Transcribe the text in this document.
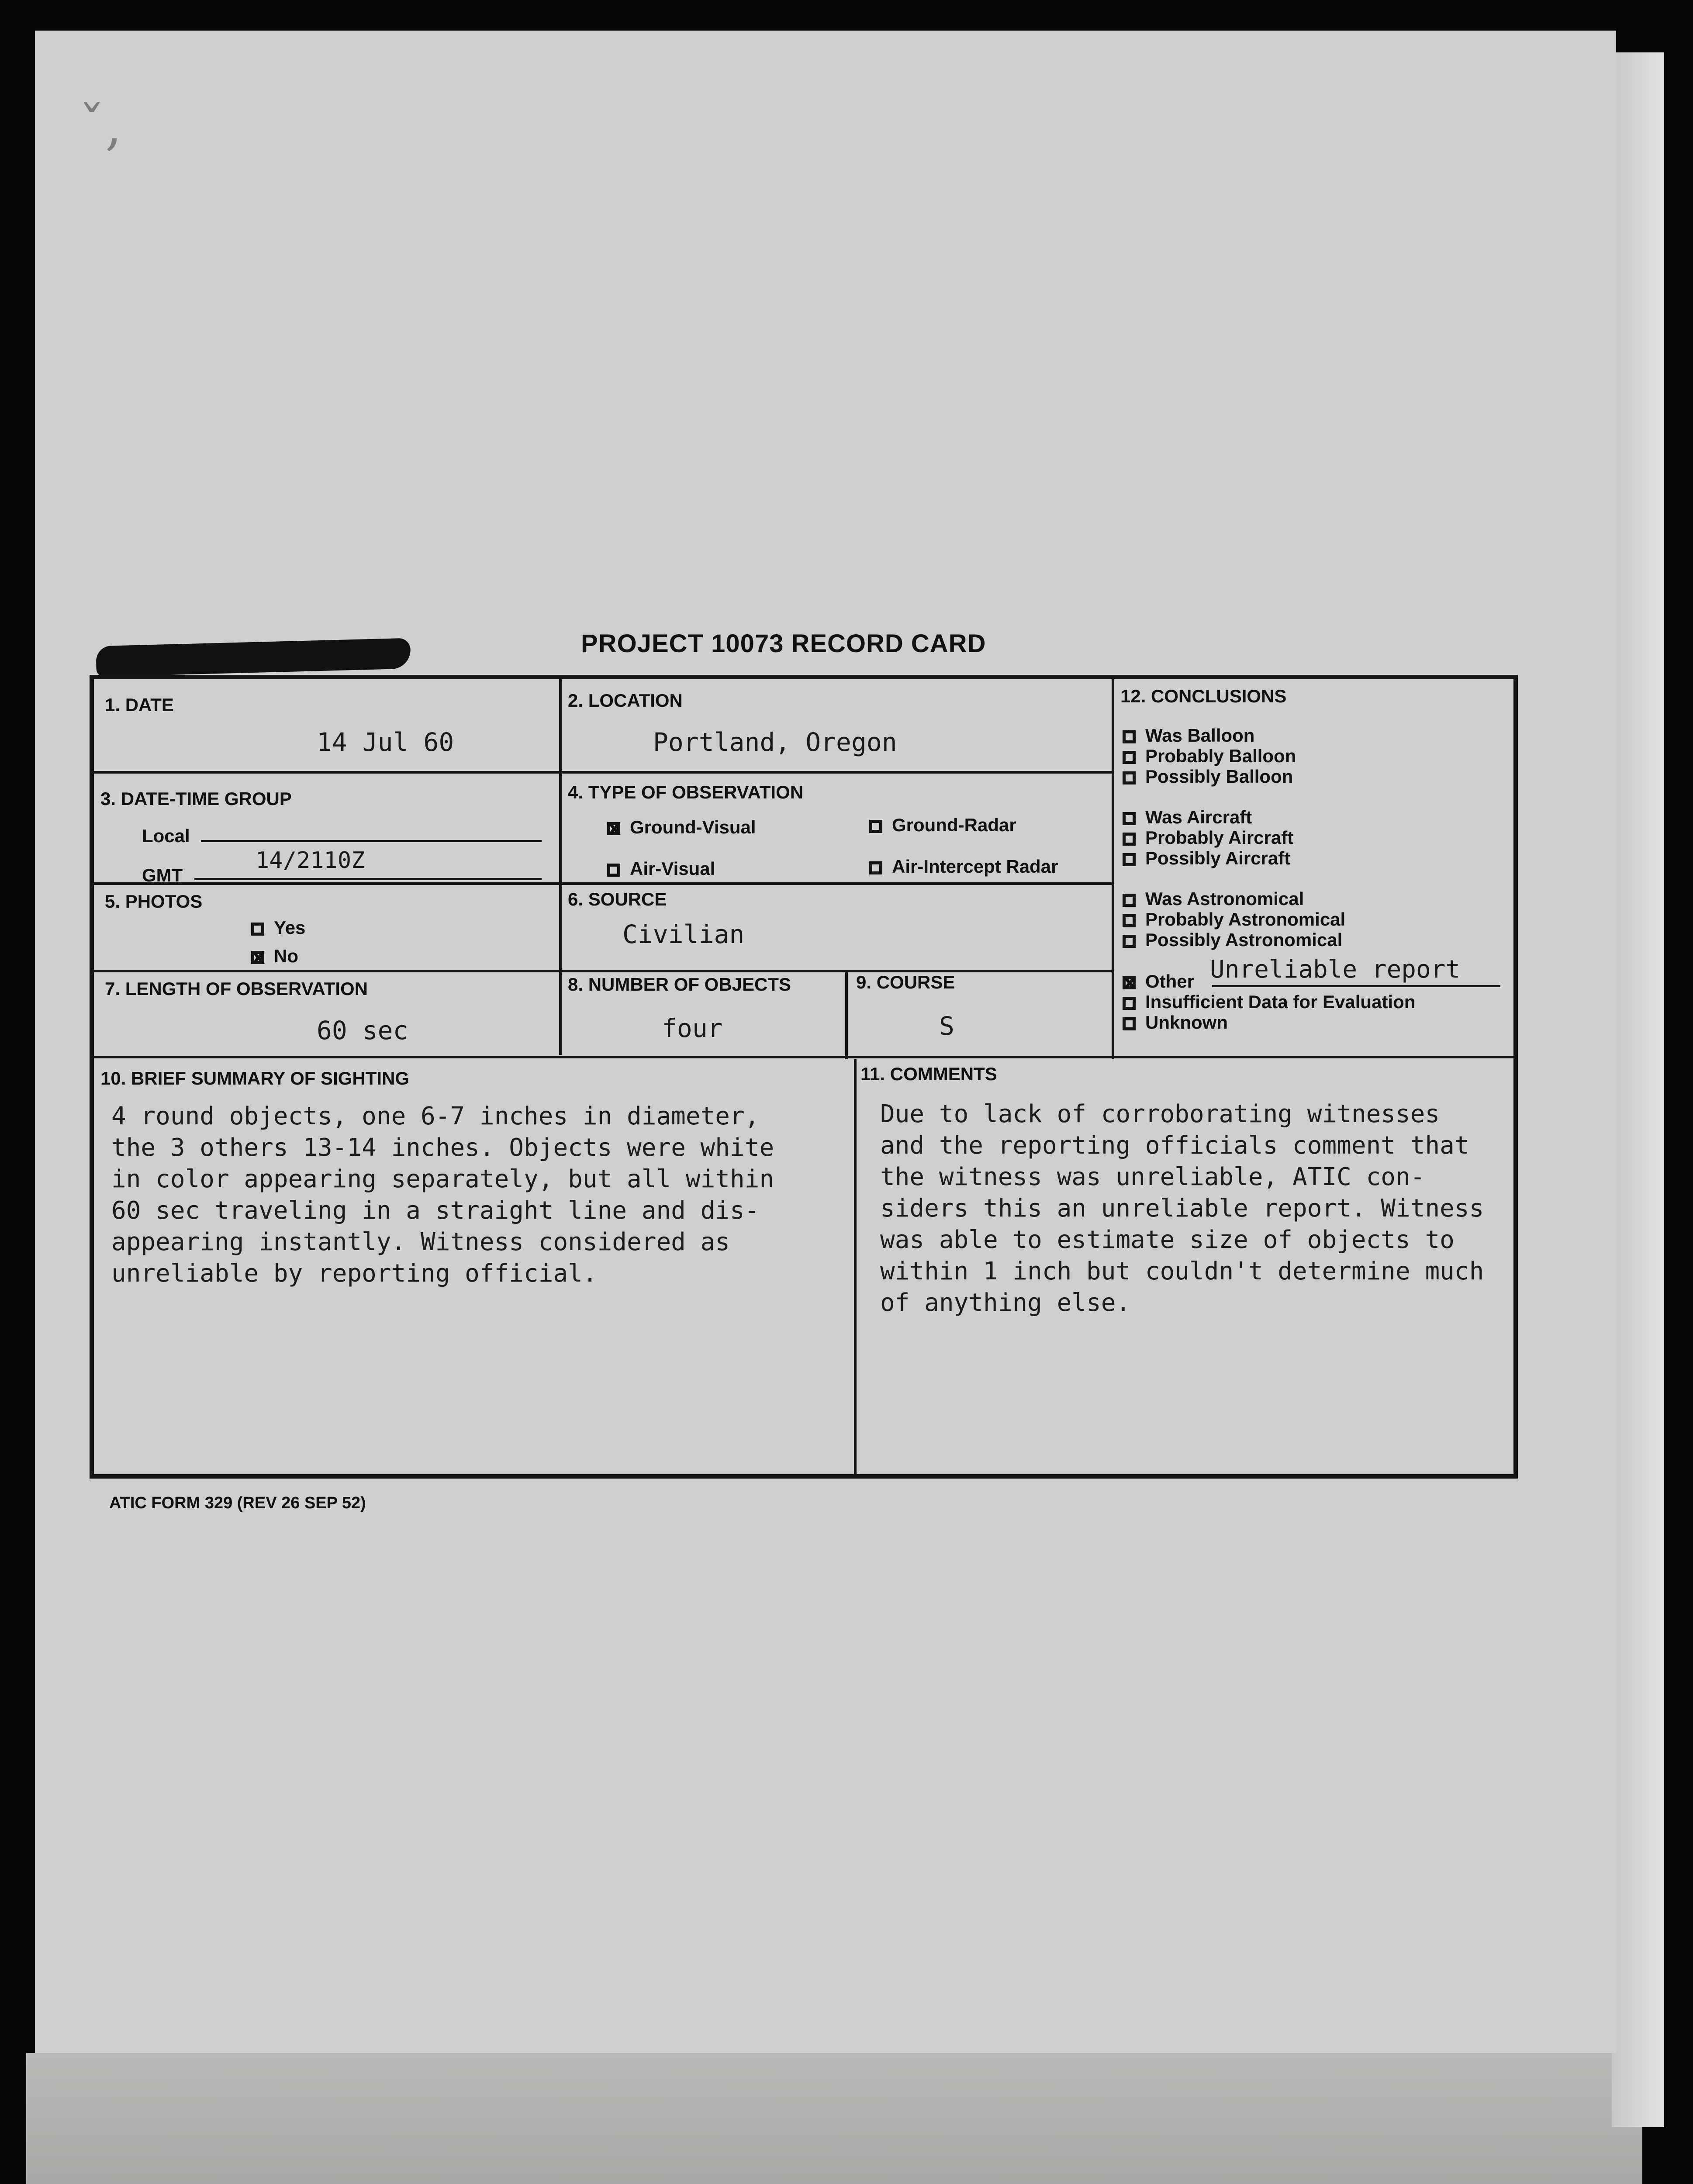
ˇ‚
PROJECT 10073 RECORD CARD
1. DATE
14 Jul 60
2. LOCATION
Portland, Oregon
3. DATE-TIME GROUP
Local
GMT
14/2110Z
4. TYPE OF OBSERVATION
xGround-Visual	Ground-Radar
Air-Visual	Air-Intercept Radar
5. PHOTOS
Yes
xNo
6. SOURCE
Civilian
7. LENGTH OF OBSERVATION
60 sec
8. NUMBER OF OBJECTS
four
9. COURSE
S
10. BRIEF SUMMARY OF SIGHTING
4 round objects, one 6-7 inches in diameter,
the 3 others 13-14 inches. Objects were white
in color appearing separately, but all within
60 sec traveling in a straight line and dis-
appearing instantly. Witness considered as
unreliable by reporting official.
11. COMMENTS
Due to lack of corroborating witnesses
and the reporting officials comment that
the witness was unreliable, ATIC con-
siders this an unreliable report. Witness
was able to estimate size of objects to
within 1 inch but couldn't determine much
of anything else.
12. CONCLUSIONS
Was Balloon
Probably Balloon
Possibly Balloon
Was Aircraft
Probably Aircraft
Possibly Aircraft
Was Astronomical
Probably Astronomical
Possibly Astronomical
xOther Unreliable report
Insufficient Data for Evaluation
Unknown
ATIC FORM 329 (REV 26 SEP 52)
